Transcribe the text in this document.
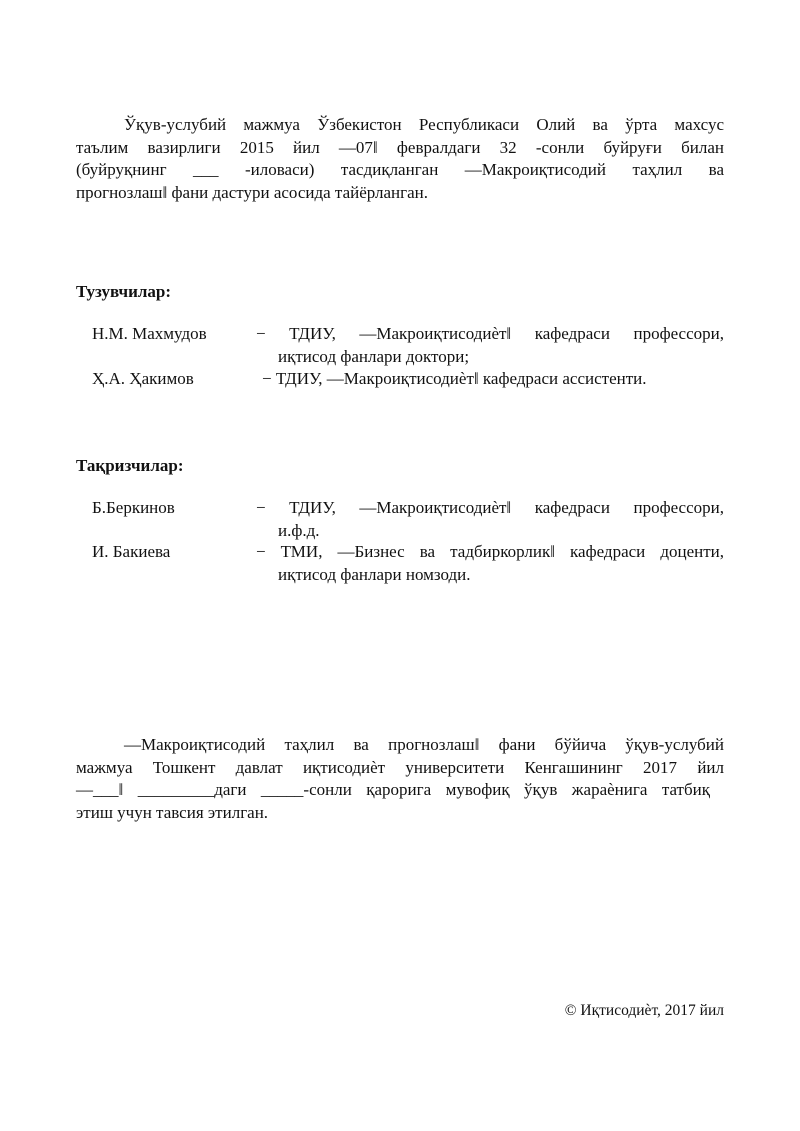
Ўқув-услубий мажмуа Ўзбекистон Республикаси Олий ва ўрта махсус
таълим вазирлиги 2015 йил ―07‖ февралдаги 32 -сонли буйруғи билан
(буйруқнинг ___ -иловаси) тасдиқланган ―Макроиқтисодий таҳлил ва
прогнозлаш‖ фани дастури асосида тайёрланган.
Тузувчилар:
Н.М. Махмудов	− ТДИУ, ―Макроиқтисодиѐт‖ кафедраси профессори,
иқтисод фанлари доктори;
Ҳ.А. Ҳакимов	− ТДИУ, ―Макроиқтисодиѐт‖ кафедраси ассистенти.
Тақризчилар:
Б.Беркинов	− ТДИУ, ―Макроиқтисодиѐт‖ кафедраси профессори,
и.ф.д.
И. Бакиева	− ТМИ, ―Бизнес ва тадбиркорлик‖ кафедраси доценти,
иқтисод фанлари номзоди.
―Макроиқтисодий таҳлил ва прогнозлаш‖ фани бўйича ўқув-услубий
мажмуа Тошкент давлат иқтисодиѐт университети Кенгашининг 2017 йил
―___‖ _________даги _____-сонли қарорига мувофиқ ўқув жараѐнига татбиқ
этиш учун тавсия этилган.
© Иқтисодиѐт, 2017 йил
